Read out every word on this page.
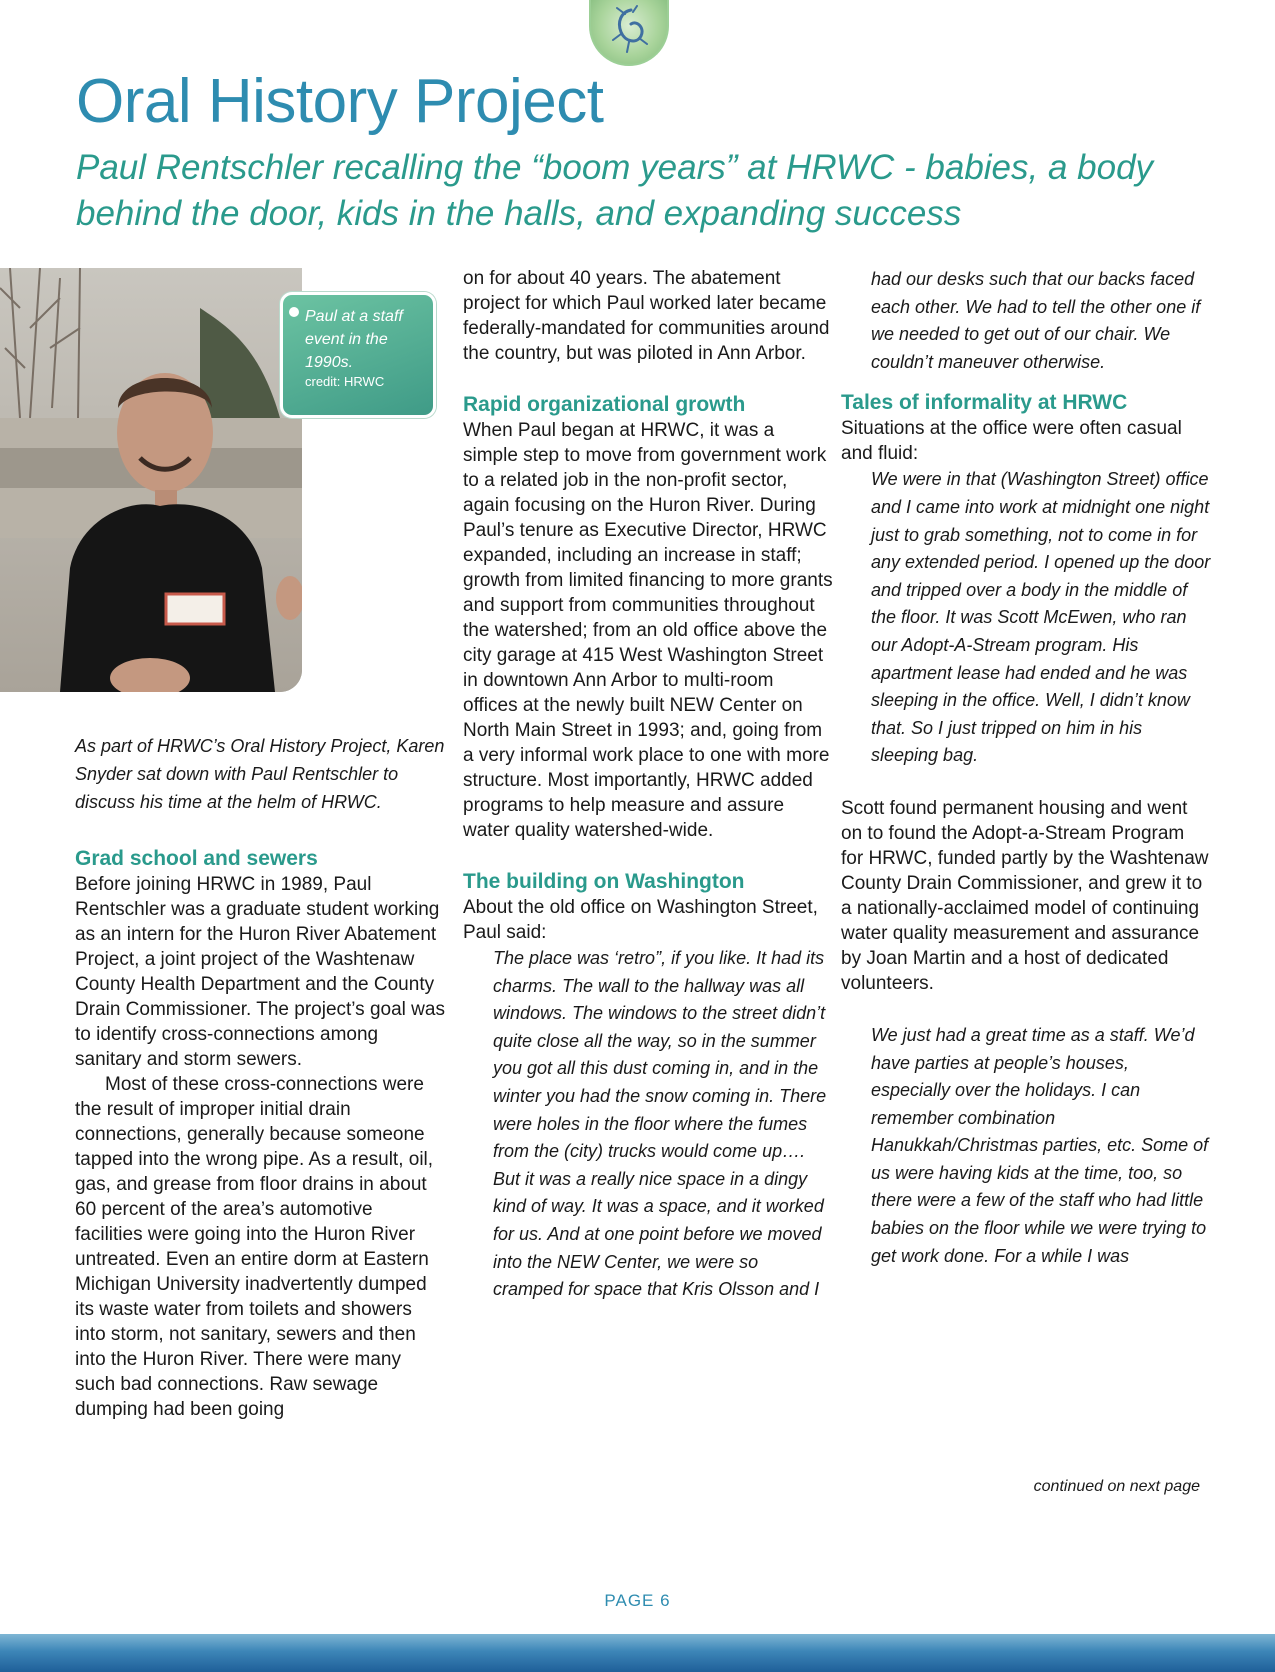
Oral History Project

Paul Rentschler recalling the “boom years” at HRWC - babies, a body behind the door, kids in the halls, and expanding success

Paul at a staff event in the 1990s.

credit: HRWC

As part of HRWC’s Oral History Project, Karen Snyder sat down with Paul Rentschler to discuss his time at the helm of HRWC.

Grad school and sewers

Before joining HRWC in 1989, Paul Rentschler was a graduate student working as an intern for the Huron River Abatement Project, a joint project of the Washtenaw County Health Department and the County Drain Commissioner. The project’s goal was to identify cross-connections among sanitary and storm sewers.

Most of these cross-connections were the result of improper initial drain connections, generally because someone tapped into the wrong pipe. As a result, oil, gas, and grease from floor drains in about 60 percent of the area’s automotive facilities were going into the Huron River untreated. Even an entire dorm at Eastern Michigan University inadvertently dumped its waste water from toilets and showers into storm, not sanitary, sewers and then into the Huron River. There were many such bad connections. Raw sewage dumping had been going

on for about 40 years. The abatement project for which Paul worked later became federally-mandated for communities around the country, but was piloted in Ann Arbor.

Rapid organizational growth

When Paul began at HRWC, it was a simple step to move from government work to a related job in the non-profit sector, again focusing on the Huron River. During Paul’s tenure as Executive Director, HRWC expanded, including an increase in staff; growth from limited financing to more grants and support from communities throughout the watershed; from an old office above the city garage at 415 West Washington Street in downtown Ann Arbor to multi-room offices at the newly built NEW Center on North Main Street in 1993; and, going from a very informal work place to one with more structure. Most importantly, HRWC added programs to help measure and assure water quality watershed-wide.

The building on Washington

About the old office on Washington Street, Paul said:

The place was ‘retro”, if you like. It had its charms. The wall to the hallway was all windows. The windows to the street didn’t quite close all the way, so in the summer you got all this dust coming in, and in the winter you had the snow coming in. There were holes in the floor where the fumes from the (city) trucks would come up…. But it was a really nice space in a dingy kind of way. It was a space, and it worked for us. And at one point before we moved into the NEW Center, we were so cramped for space that Kris Olsson and I

had our desks such that our backs faced each other. We had to tell the other one if we needed to get out of our chair. We couldn’t maneuver otherwise.

Tales of informality at HRWC

Situations at the office were often casual and fluid:

We were in that (Washington Street) office and I came into work at midnight one night just to grab something, not to come in for any extended period. I opened up the door and tripped over a body in the middle of the floor. It was Scott McEwen, who ran our Adopt-A-Stream program. His apartment lease had ended and he was sleeping in the office. Well, I didn’t know that. So I just tripped on him in his sleeping bag.

Scott found permanent housing and went on to found the Adopt-a-Stream Program for HRWC, funded partly by the Washtenaw County Drain Commissioner, and grew it to a nationally-acclaimed model of continuing water quality measurement and assurance by Joan Martin and a host of dedicated volunteers.

We just had a great time as a staff. We’d have parties at people’s houses, especially over the holidays. I can remember combination Hanukkah/Christmas parties, etc. Some of us were having kids at the time, too, so there were a few of the staff who had little babies on the floor while we were trying to get work done. For a while I was

continued on next page
PAGE 6
